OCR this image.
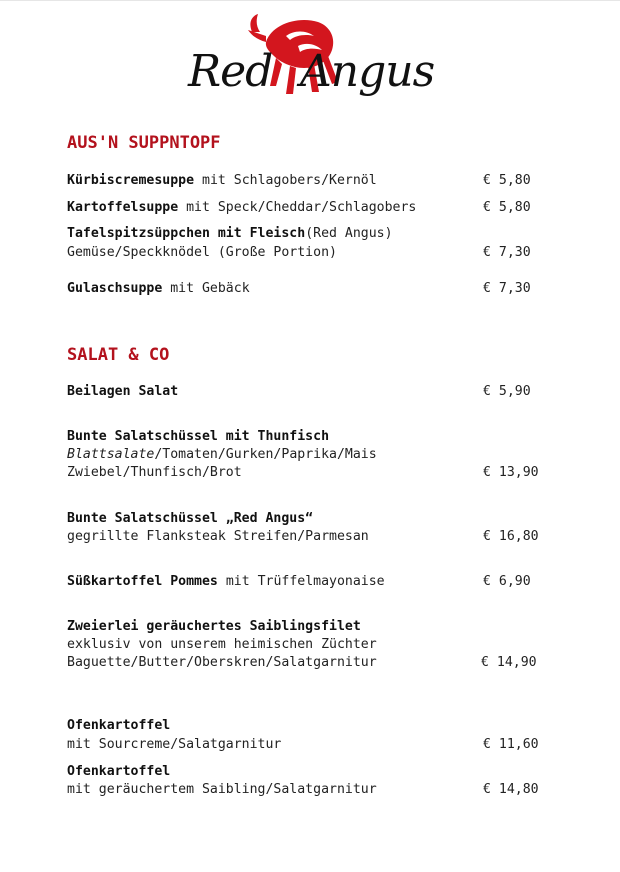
Red Angus
AUS'N SUPPNTOPF
Kürbiscremesuppe mit Schlagobers/Kernöl	€ 5,80
Kartoffelsuppe mit Speck/Cheddar/Schlagobers	€ 5,80
Tafelspitzsüppchen mit Fleisch(Red Angus)
Gemüse/Speckknödel (Große Portion)	€ 7,30
Gulaschsuppe mit Gebäck	€ 7,30
SALAT & CO
Beilagen Salat	€ 5,90
Bunte Salatschüssel mit Thunfisch
Blattsalate/Tomaten/Gurken/Paprika/Mais
Zwiebel/Thunfisch/Brot	€ 13,90
Bunte Salatschüssel „Red Angus“
gegrillte Flanksteak Streifen/Parmesan	€ 16,80
Süßkartoffel Pommes mit Trüffelmayonaise	€ 6,90
Zweierlei geräuchertes Saiblingsfilet
exklusiv von unserem heimischen Züchter
Baguette/Butter/Oberskren/Salatgarnitur	€ 14,90
Ofenkartoffel
mit Sourcreme/Salatgarnitur	€ 11,60
Ofenkartoffel
mit geräuchertem Saibling/Salatgarnitur	€ 14,80
